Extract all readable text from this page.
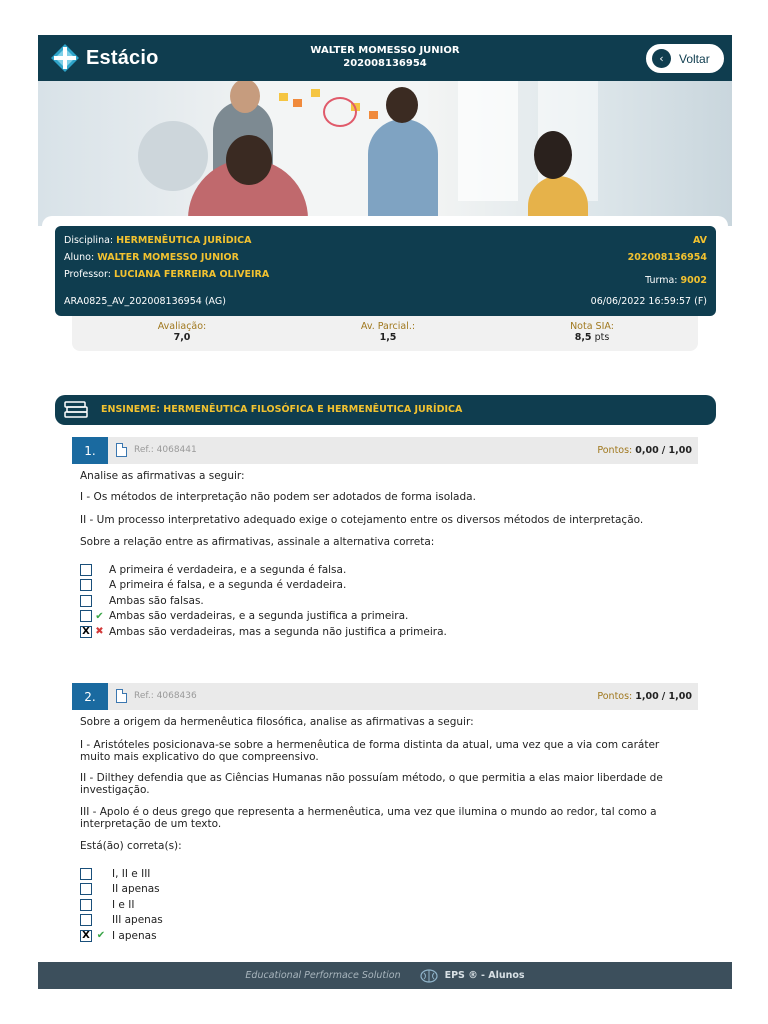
Estácio	WALTER MOMESSO JUNIOR
202008136954	‹	Voltar
Disciplina: HERMENÊUTICA JURÍDICA	AV
Aluno: WALTER MOMESSO JUNIOR	202008136954
Professor: LUCIANA FERREIRA OLIVEIRA
Turma: 9002
ARA0825_AV_202008136954 (AG)	06/06/2022 16:59:57 (F)
Avaliação:
7,0
Av. Parcial.:
1,5
Nota SIA:
8,5 pts
ENSINEME: HERMENÊUTICA FILOSÓFICA E HERMENÊUTICA JURÍDICA
1.	Ref.: 4068441	Pontos: 0,00 / 1,00
Analise as afirmativas a seguir:
I - Os métodos de interpretação não podem ser adotados de forma isolada.
II - Um processo interpretativo adequado exige o cotejamento entre os diversos métodos de interpretação.
Sobre a relação entre as afirmativas, assinale a alternativa correta:
A primeira é verdadeira, e a segunda é falsa.
A primeira é falsa, e a segunda é verdadeira.
Ambas são falsas.
✔ Ambas são verdadeiras, e a segunda justifica a primeira.
X ✖ Ambas são verdadeiras, mas a segunda não justifica a primeira.
2.	Ref.: 4068436	Pontos: 1,00 / 1,00
Sobre a origem da hermenêutica filosófica, analise as afirmativas a seguir:
I - Aristóteles posicionava-se sobre a hermenêutica de forma distinta da atual, uma vez que a via com caráter muito mais explicativo do que compreensivo.
II - Dilthey defendia que as Ciências Humanas não possuíam método, o que permitia a elas maior liberdade de investigação.
III - Apolo é o deus grego que representa a hermenêutica, uma vez que ilumina o mundo ao redor, tal como a interpretação de um texto.
Está(ão) correta(s):
I, II e III
II apenas
I e II
III apenas
X ✔ I apenas
Educational Performace Solution	EPS ® - Alunos
